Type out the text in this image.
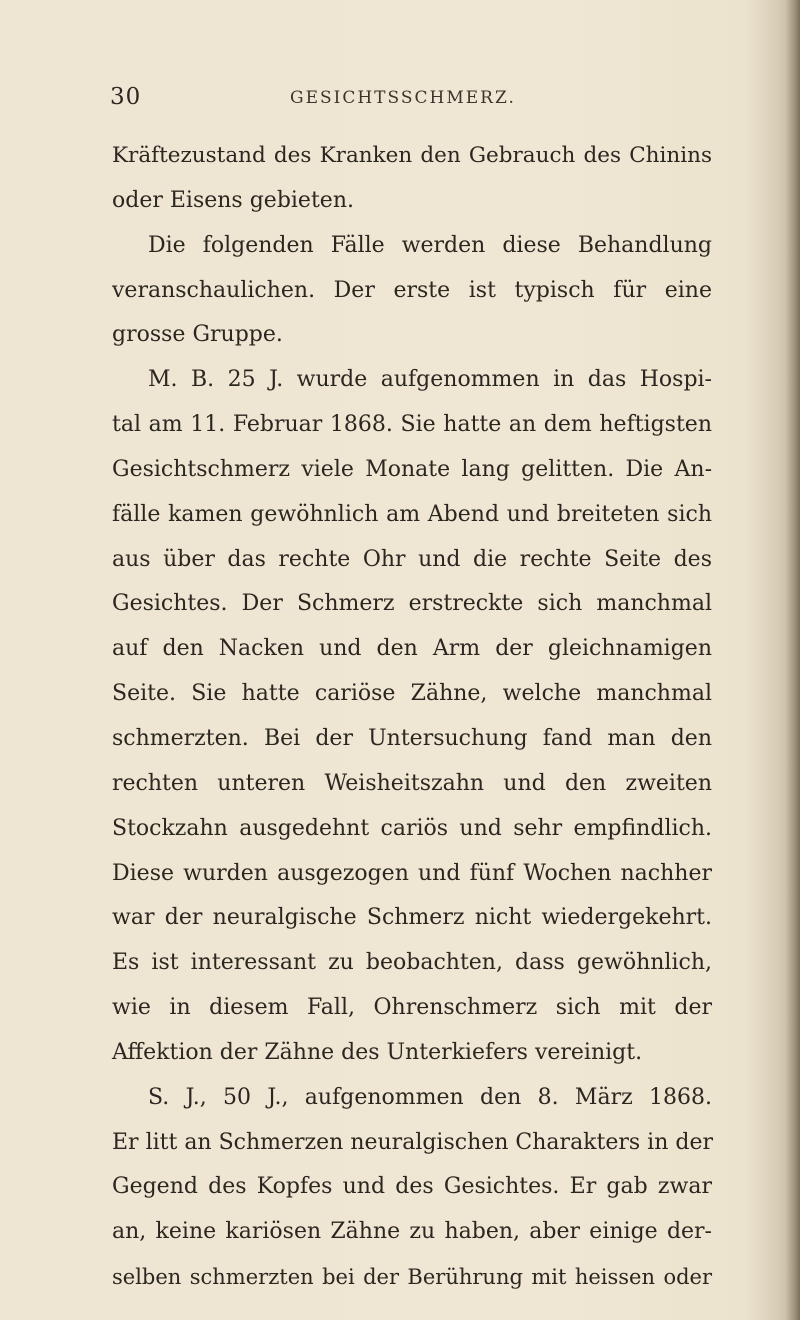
30	GESICHTSSCHMERZ.
Kräftezustand des Kranken den Gebrauch des Chinins
oder Eisens gebieten.
Die folgenden Fälle werden diese Behandlung
veranschaulichen. Der erste ist typisch für eine
grosse Gruppe.
M. B. 25 J. wurde aufgenommen in das Hospi-
tal am 11. Februar 1868. Sie hatte an dem heftigsten
Gesichtschmerz viele Monate lang gelitten. Die An-
fälle kamen gewöhnlich am Abend und breiteten sich
aus über das rechte Ohr und die rechte Seite des
Gesichtes. Der Schmerz erstreckte sich manchmal
auf den Nacken und den Arm der gleichnamigen
Seite. Sie hatte cariöse Zähne, welche manchmal
schmerzten. Bei der Untersuchung fand man den
rechten unteren Weisheitszahn und den zweiten
Stockzahn ausgedehnt cariös und sehr empfindlich.
Diese wurden ausgezogen und fünf Wochen nachher
war der neuralgische Schmerz nicht wiedergekehrt.
Es ist interessant zu beobachten, dass gewöhnlich,
wie in diesem Fall, Ohrenschmerz sich mit der
Affektion der Zähne des Unterkiefers vereinigt.
S. J., 50 J., aufgenommen den 8. März 1868.
Er litt an Schmerzen neuralgischen Charakters in der
Gegend des Kopfes und des Gesichtes. Er gab zwar
an, keine kariösen Zähne zu haben, aber einige der-
selben schmerzten bei der Berührung mit heissen oder
